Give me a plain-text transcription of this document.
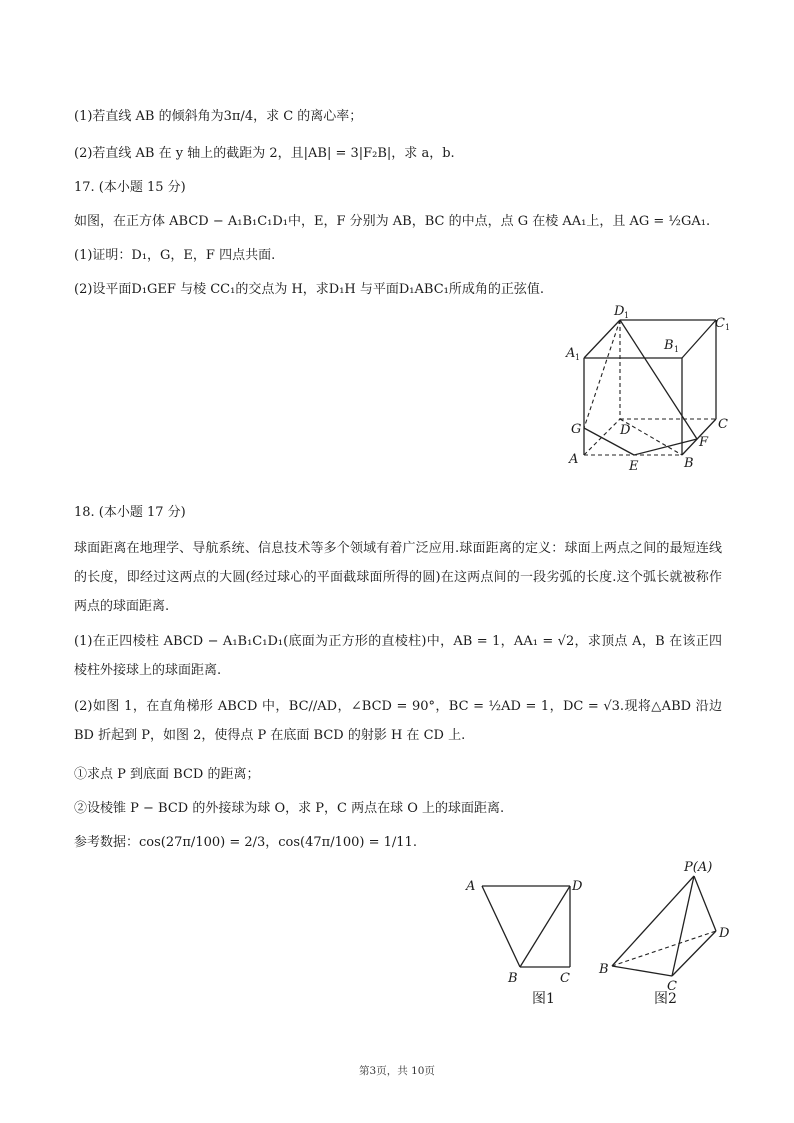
(1)若直线 AB 的倾斜角为3π/4，求 C 的离心率；
(2)若直线 AB 在 y 轴上的截距为 2，且|AB| = 3|F₂B|，求 a，b.
17. (本小题 15 分)
如图，在正方体 ABCD − A₁B₁C₁D₁中，E，F 分别为 AB，BC 的中点，点 G 在棱 AA₁上，且 AG = ½GA₁.
(1)证明：D₁，G，E，F 四点共面.
(2)设平面D₁GEF 与棱 CC₁的交点为 H，求D₁H 与平面D₁ABC₁所成角的正弦值.
D 1
C 1
A 1
B 1
G	D	C
F
A	E	B
18. (本小题 17 分)
球面距离在地理学、导航系统、信息技术等多个领域有着广泛应用.球面距离的定义：球面上两点之间的最短连线的长度，即经过这两点的大圆(经过球心的平面截球面所得的圆)在这两点间的一段劣弧的长度.这个弧长就被称作两点的球面距离.
(1)在正四棱柱 ABCD − A₁B₁C₁D₁(底面为正方形的直棱柱)中，AB = 1，AA₁ = √2，求顶点 A，B 在该正四棱柱外接球上的球面距离.
(2)如图 1，在直角梯形 ABCD 中，BC//AD，∠BCD = 90°，BC = ½AD = 1，DC = √3.现将△ABD 沿边 BD 折起到 P，如图 2，使得点 P 在底面 BCD 的射影 H 在 CD 上.
①求点 P 到底面 BCD 的距离；
②设棱锥 P − BCD 的外接球为球 O，求 P，C 两点在球 O 上的球面距离.
参考数据：cos(27π/100) = 2/3，cos(47π/100) = 1/11.
A	D
B	C
图1
P(A)
D
B
C
图2
第3页，共 10页
